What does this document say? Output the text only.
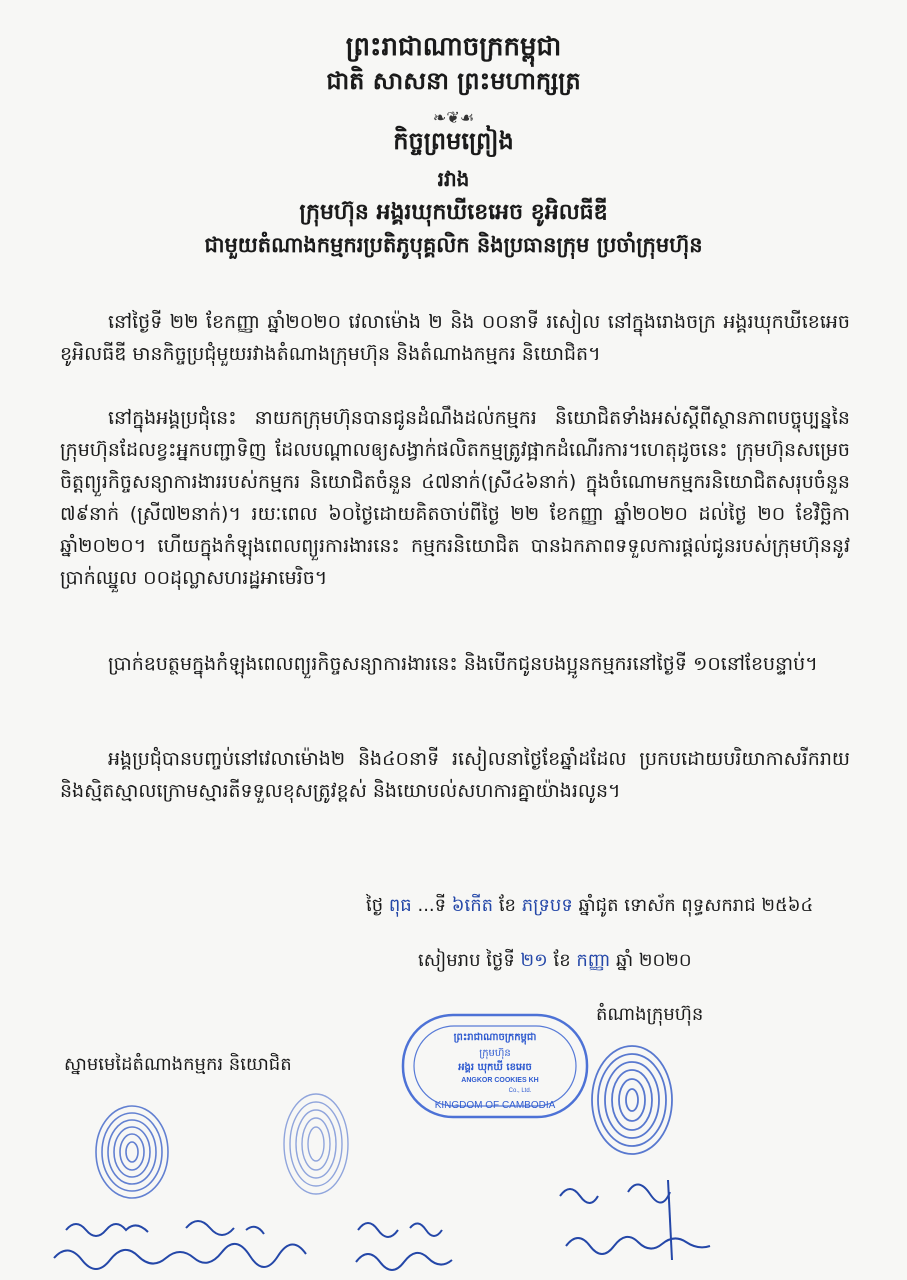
ព្រះរាជាណាចក្រកម្ពុជា
ជាតិ សាសនា ព្រះមហាក្សត្រ
❧❦☙
កិច្ចព្រមព្រៀង
រវាង
ក្រុមហ៊ុន អង្គរឃុកឃីខេអេច ខូអិលធីឌី
ជាមួយតំណាងកម្មករប្រតិភូបុគ្គលិក និងប្រធានក្រុម ប្រចាំក្រុមហ៊ុន
នៅថ្ងៃទី ២២ ខែកញ្ញា ឆ្នាំ២០២០ វេលាម៉ោង ២ និង ០០នាទី រសៀល នៅក្នុងរោងចក្រ អង្គរឃុកឃីខេអេច ខូអិលធីឌី មានកិច្ចប្រជុំមួយរវាងតំណាងក្រុមហ៊ុន និងតំណាងកម្មករ និយោជិត។
នៅក្នុងអង្គប្រជុំនេះ នាយកក្រុមហ៊ុនបានជូនដំណឹងដល់កម្មករ និយោជិតទាំងអស់ស្តីពីស្ថានភាពបច្ចុប្បន្ននៃក្រុមហ៊ុនដែលខ្វះអ្នកបញ្ជាទិញ ដែលបណ្តាលឲ្យសង្វាក់ផលិតកម្មត្រូវផ្អាកដំណើរការ។ហេតុដូចនេះ ក្រុមហ៊ុនសម្រេចចិត្តព្យួរកិច្ចសន្យាការងាររបស់កម្មករ និយោជិតចំនួន ៤៧នាក់(ស្រី៤៦នាក់) ក្នុងចំណោមកម្មករនិយោជិតសរុបចំនួន ៧៩នាក់ (ស្រី៧២នាក់)។ រយៈពេល ៦០ថ្ងៃដោយគិតចាប់ពីថ្ងៃ ២២ ខែកញ្ញា ឆ្នាំ២០២០ ដល់ថ្ងៃ ២០ ខែវិច្ឆិកា ឆ្នាំ២០២០។ ហើយក្នុងកំឡុងពេលព្យួរការងារនេះ កម្មករនិយោជិត បានឯកភាពទទួលការផ្តល់ជូនរបស់ក្រុមហ៊ុននូវប្រាក់ឈ្នួល ០០ដុល្លាសហរដ្ឋអាមេរិច។
ប្រាក់ឧបត្ថមក្នុងកំឡុងពេលព្យួរកិច្ចសន្យាការងារនេះ និងបើកជូនបងប្អូនកម្មករនៅថ្ងៃទី ១០នៅខែបន្ទាប់។
អង្គប្រជុំបានបញ្ចប់នៅវេលាម៉ោង២ និង៤០នាទី រសៀលនាថ្ងៃខែឆ្នាំដដែល ប្រកបដោយបរិយាកាសរីករាយ និងស្មិតស្មាលក្រោមស្មារតីទទួលខុសត្រូវខ្ពស់ និងយោបល់សហការគ្នាយ៉ាងរលូន។
ថ្ងៃ ពុធ ...ទី ៦កើត ខែ ភទ្របទ ឆ្នាំជូត ទោស័ក ពុទ្ធសករាជ ២៥៦៤
សៀមរាប ថ្ងៃទី ២១ ខែ កញ្ញា ឆ្នាំ ២០២០
តំណាងក្រុមហ៊ុន
ស្នាមមេដៃតំណាងកម្មករ និយោជិត
ព្រះរាជាណាចក្រកម្ពុជា
ក្រុមហ៊ុន
អង្គរ ឃុកឃី ខេអេច
ANGKOR COOKIES KH
Co., Ltd.
KINGDOM OF CAMBODIA
